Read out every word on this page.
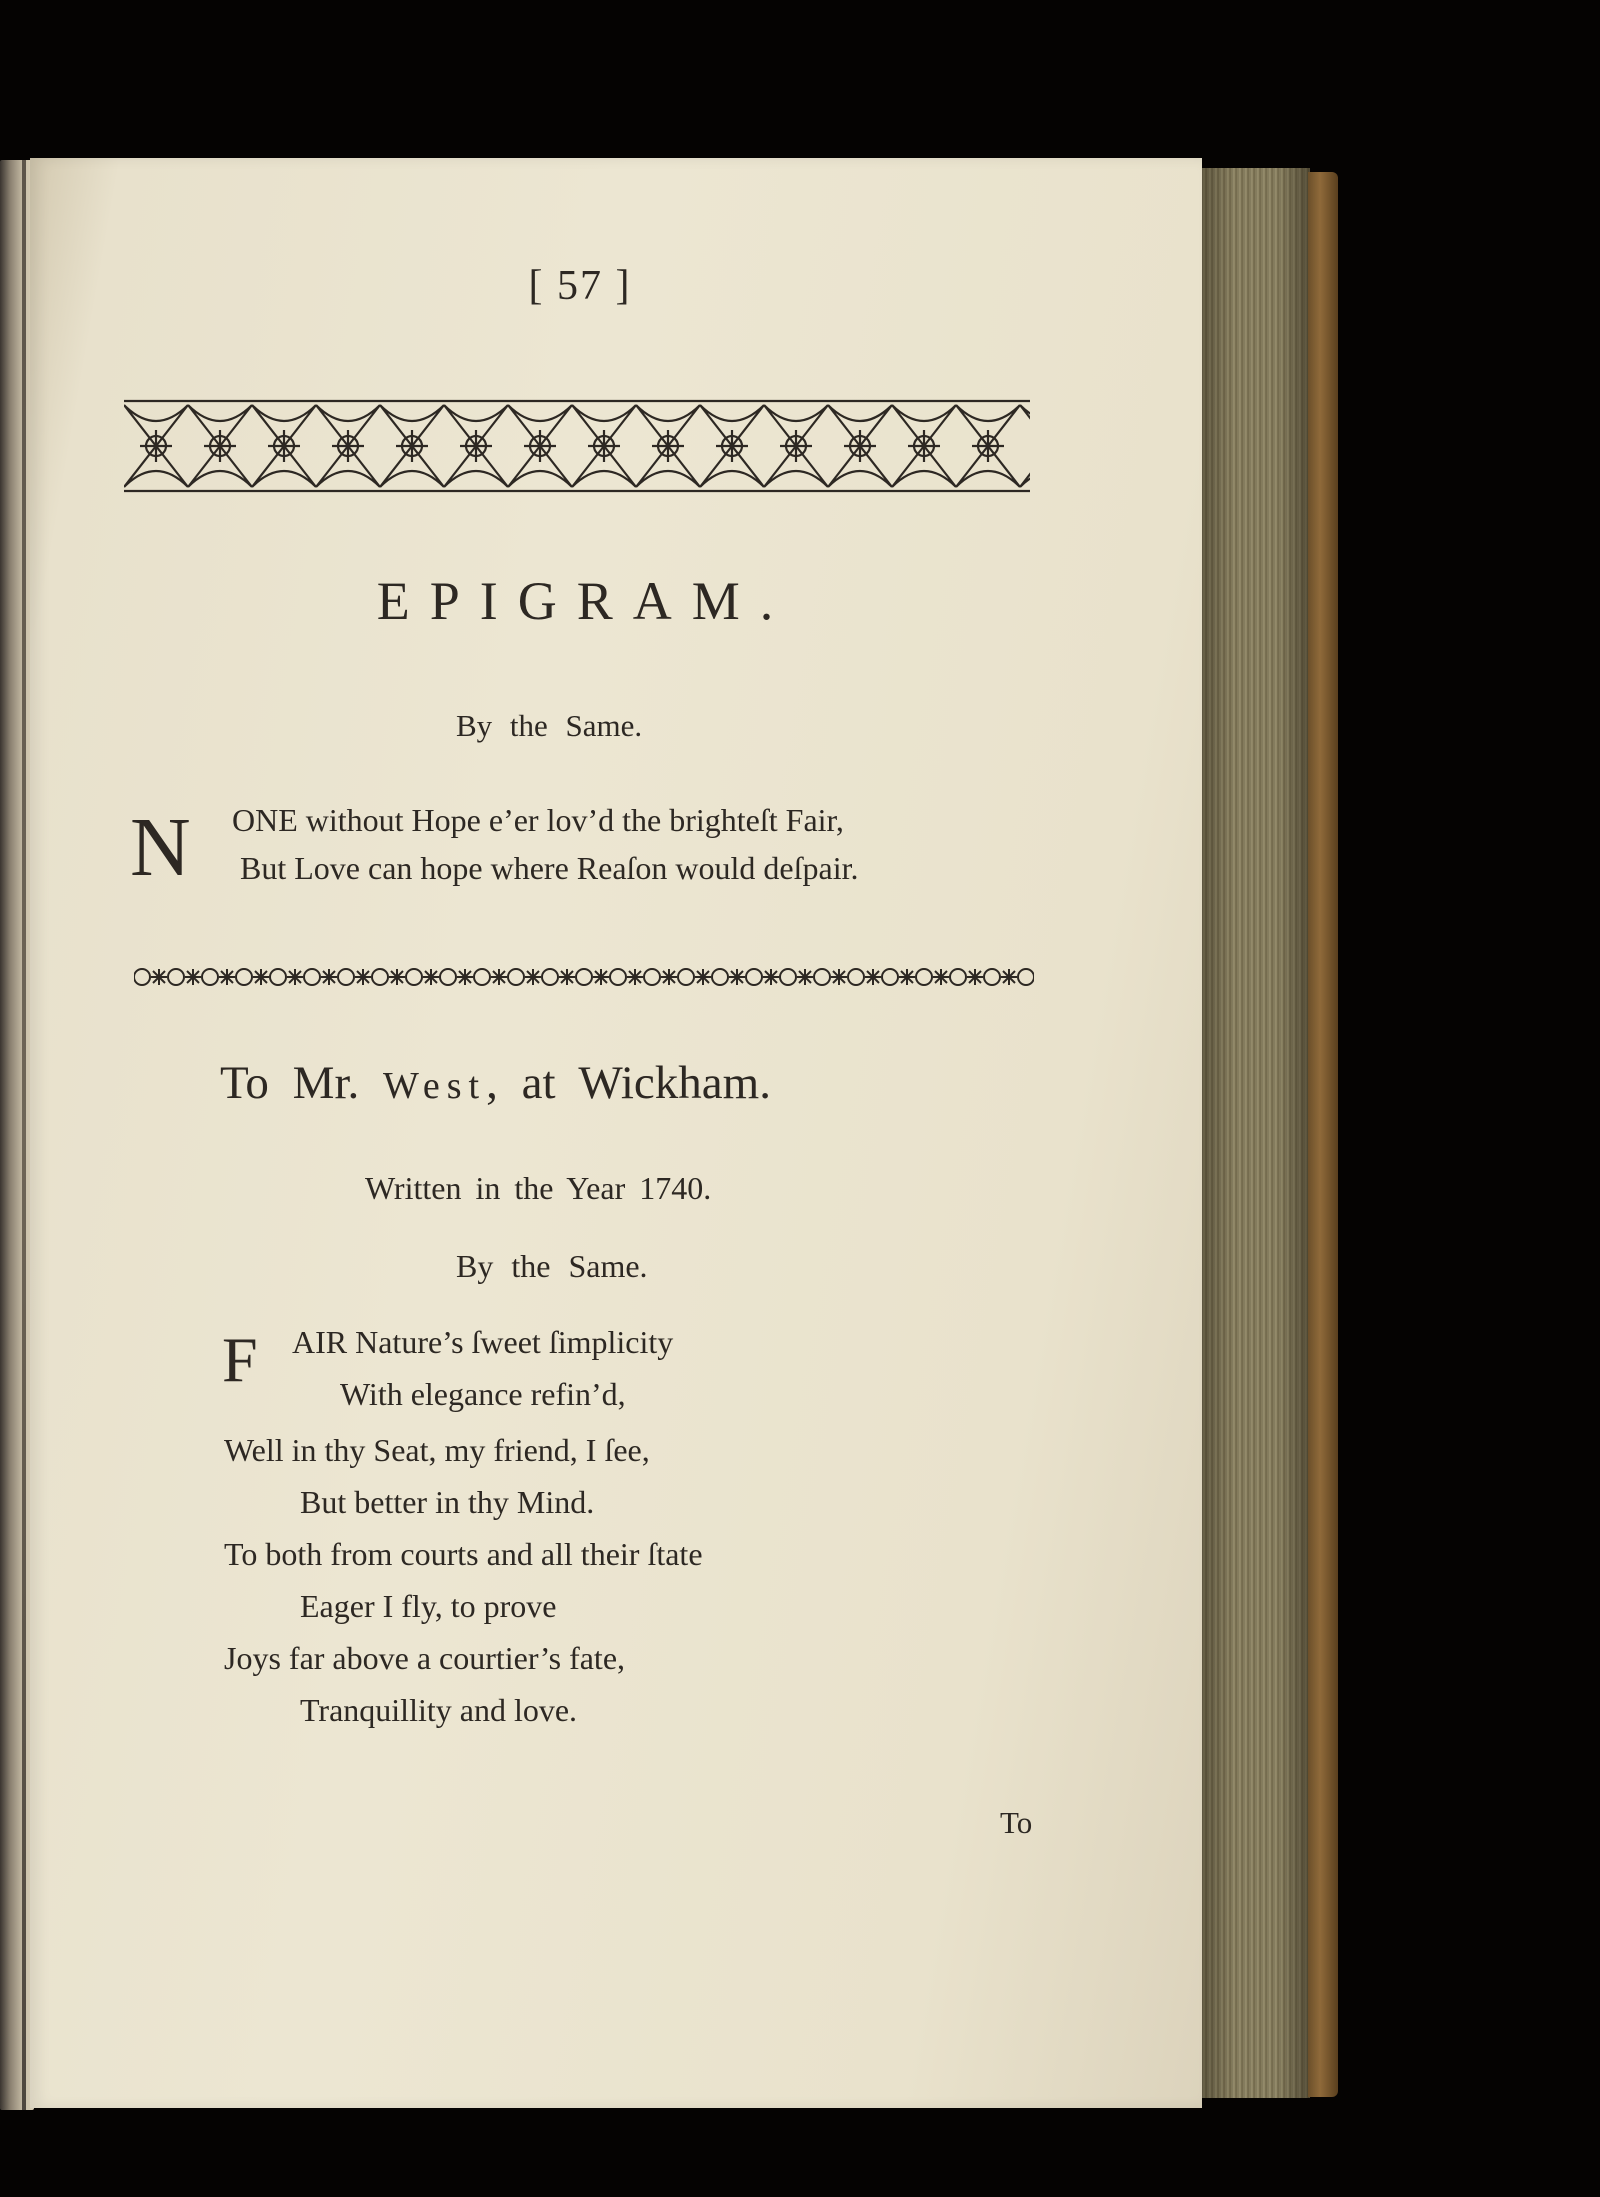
[ 57 ]
EPIGRAM.
By the Same.
N ONE without Hope e’er lov’d the brighteſt Fair,
But Love can hope where Reaſon would deſpair.
To Mr. West, at Wickham.
Written in the Year 1740.
By the Same.
F AIR Nature’s ſweet ſimplicity
With elegance refin’d,
Well in thy Seat, my friend, I ſee,
But better in thy Mind.
To both from courts and all their ſtate
Eager I fly, to prove
Joys far above a courtier’s fate,
Tranquillity and love.
To
